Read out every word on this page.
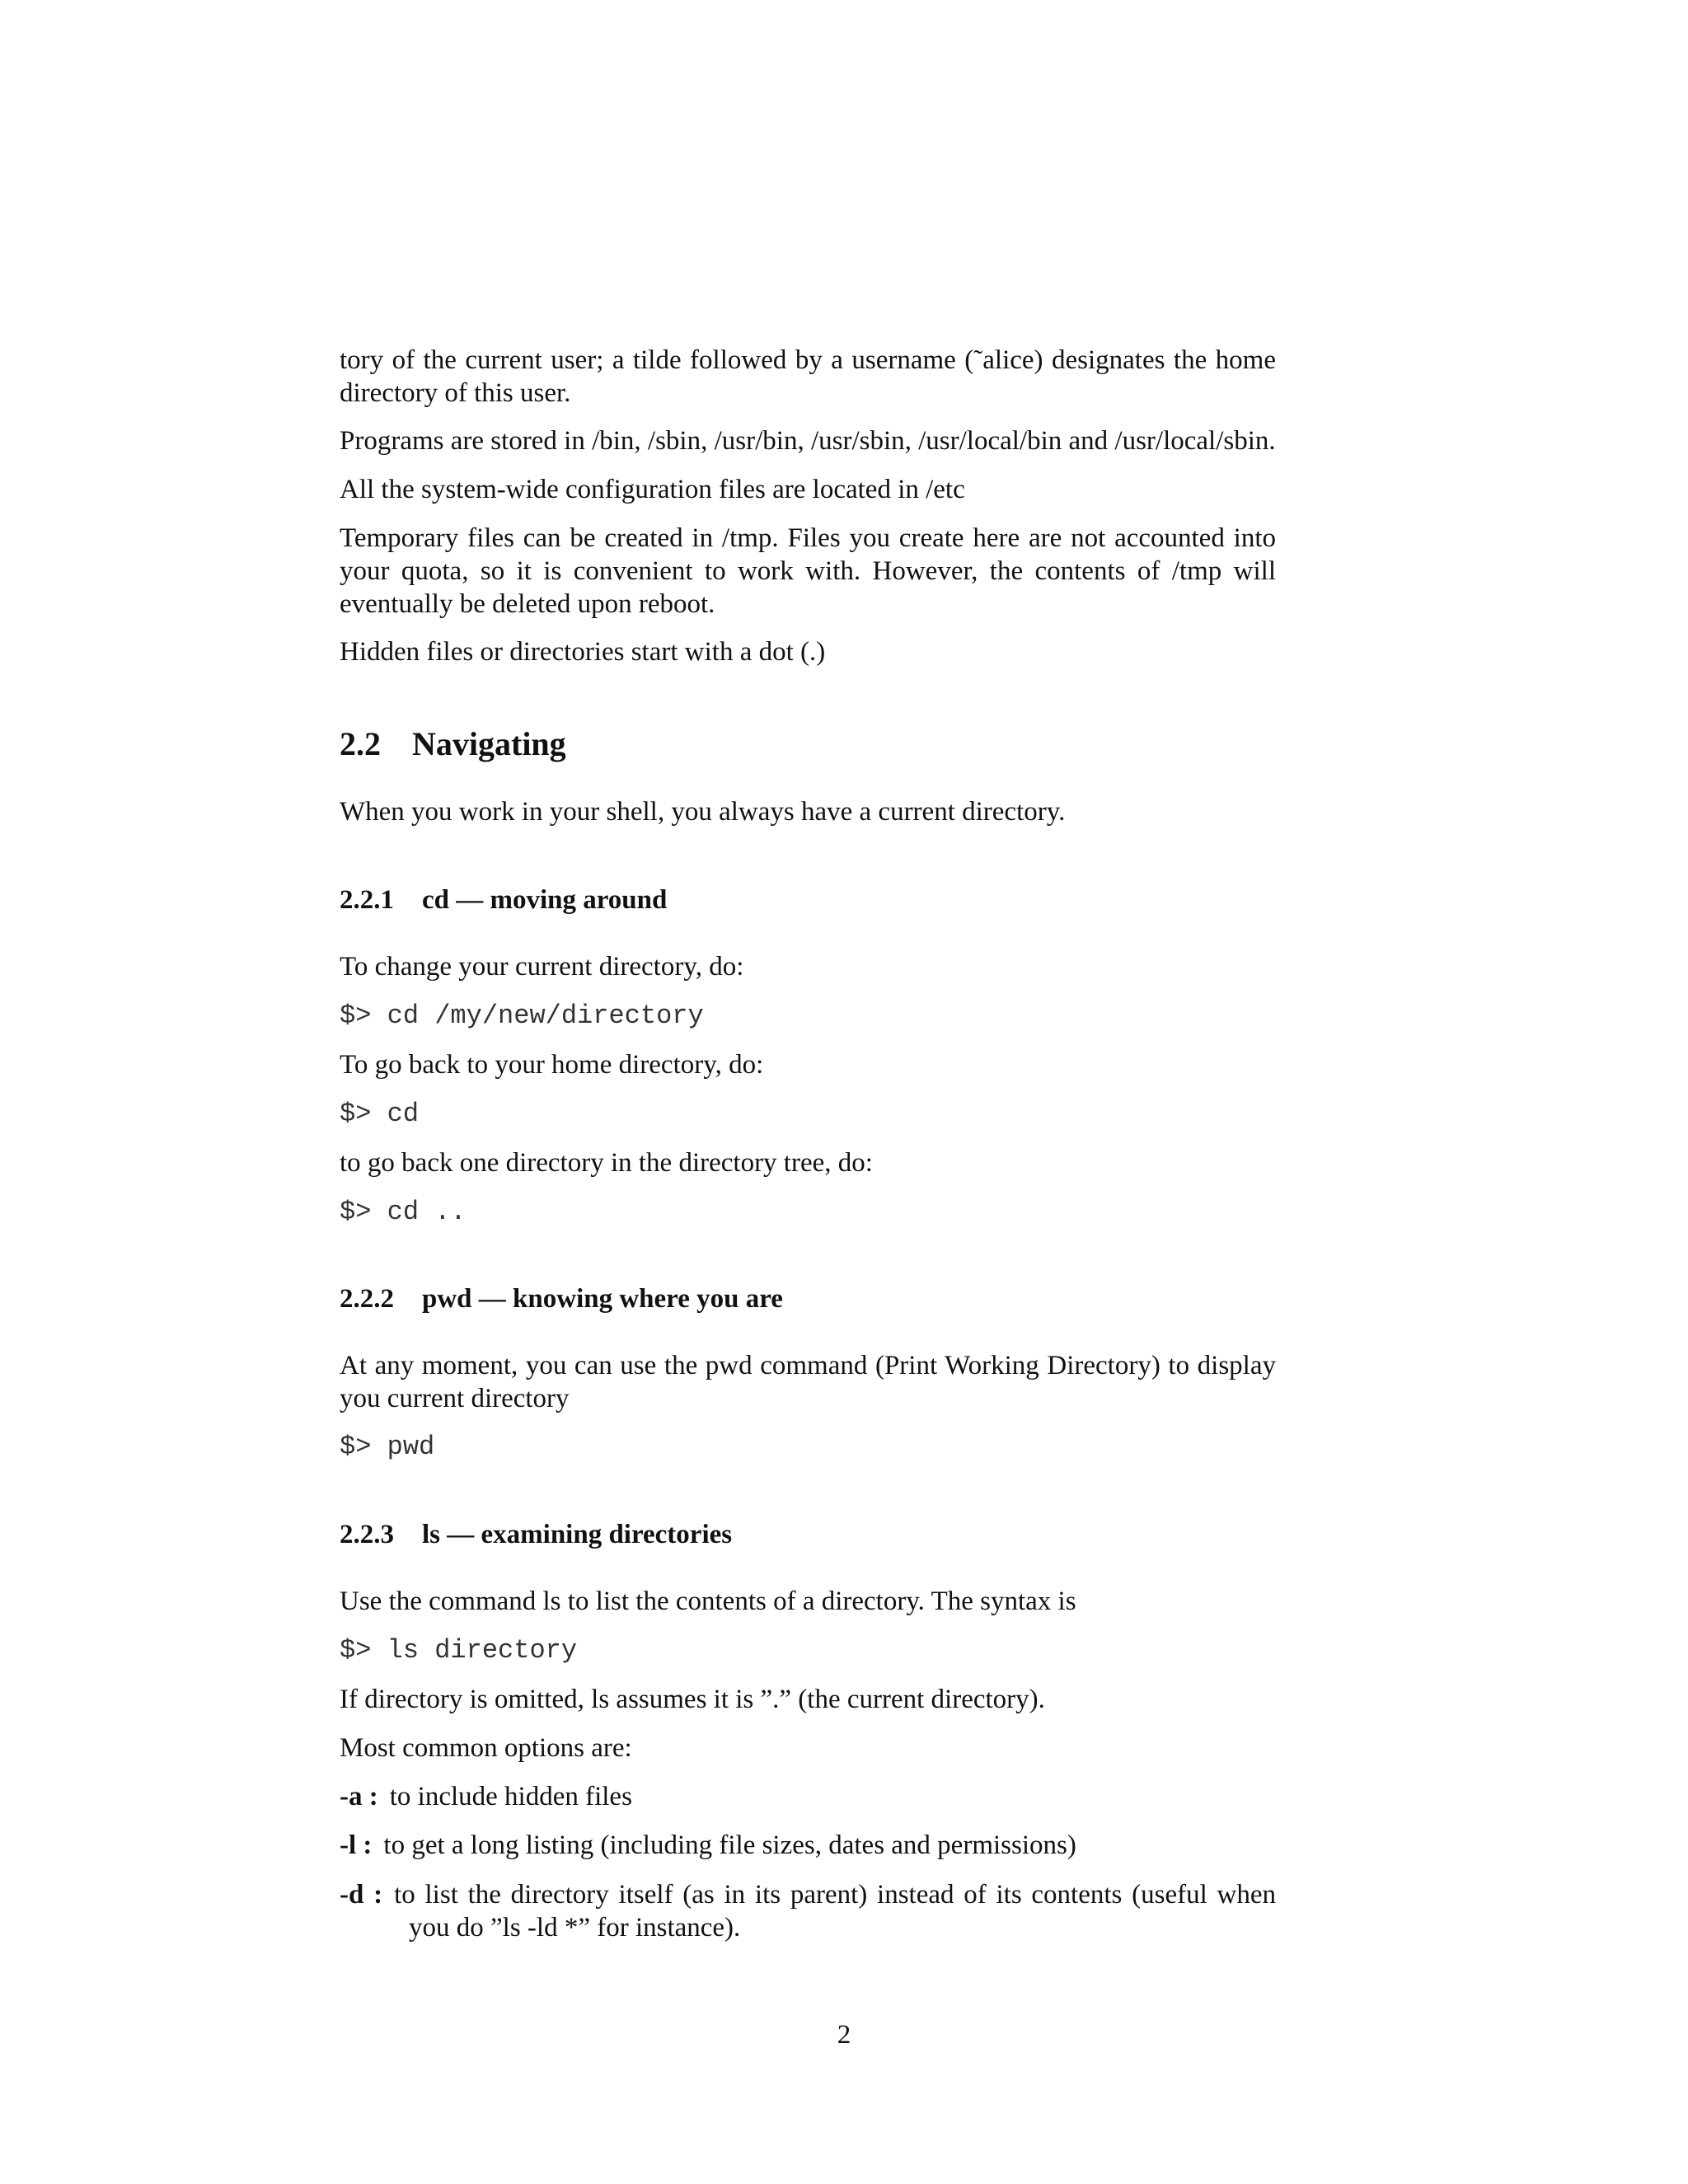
tory of the current user; a tilde followed by a username (˜alice) designates the home directory of this user.

Programs are stored in /bin, /sbin, /usr/bin, /usr/sbin, /usr/local/bin and /usr/local/sbin.

All the system-wide configuration files are located in /etc

Temporary files can be created in /tmp. Files you create here are not accounted into your quota, so it is convenient to work with. However, the contents of /tmp will eventually be deleted upon reboot.

Hidden files or directories start with a dot (.)

2.2 Navigating

When you work in your shell, you always have a current directory.

2.2.1 cd — moving around

To change your current directory, do:

$> cd /my/new/directory

To go back to your home directory, do:

$> cd

to go back one directory in the directory tree, do:

$> cd ..
2.2.2 pwd — knowing where you are

At any moment, you can use the pwd command (Print Working Directory) to display you current directory

$> pwd
2.2.3 ls — examining directories

Use the command ls to list the contents of a directory. The syntax is

$> ls directory

If directory is omitted, ls assumes it is ”.” (the current directory).

Most common options are:

-a : to include hidden files
-l : to get a long listing (including file sizes, dates and permissions)
-d : to list the directory itself (as in its parent) instead of its contents (useful when you do ”ls -ld *” for instance).
2
